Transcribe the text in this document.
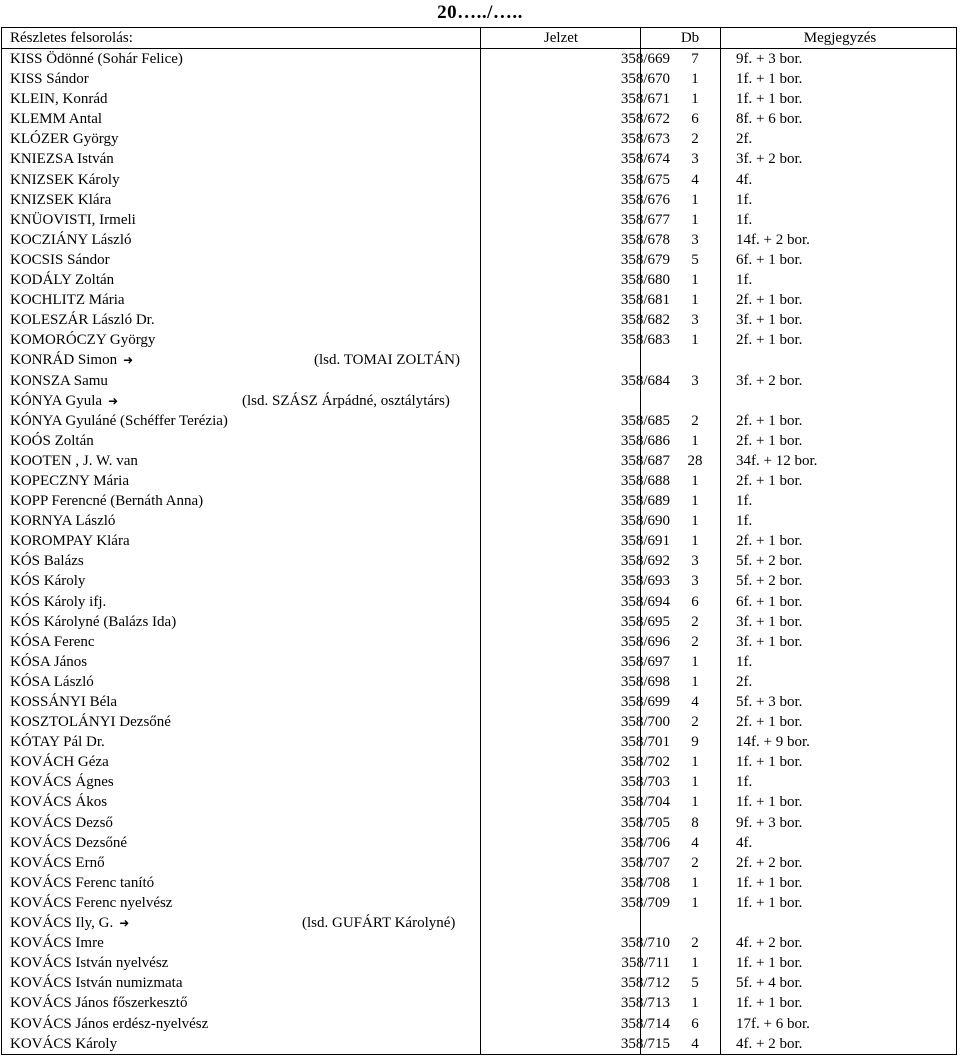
20…../…..
Részletes felsorolás:	Jelzet	Db	Megjegyzés
KISS Ödönné (Sohár Felice)	358/669	7	9f. + 3 bor.
KISS Sándor	358/670	1	1f. + 1 bor.
KLEIN, Konrád	358/671	1	1f. + 1 bor.
KLEMM Antal	358/672	6	8f. + 6 bor.
KLÓZER György	358/673	2	2f.
KNIEZSA István	358/674	3	3f. + 2 bor.
KNIZSEK Károly	358/675	4	4f.
KNIZSEK Klára	358/676	1	1f.
KNÜOVISTI, Irmeli	358/677	1	1f.
KOCZIÁNY László	358/678	3	14f. + 2 bor.
KOCSIS Sándor	358/679	5	6f. + 1 bor.
KODÁLY Zoltán	358/680	1	1f.
KOCHLITZ Mária	358/681	1	2f. + 1 bor.
KOLESZÁR László Dr.	358/682	3	3f. + 1 bor.
KOMORÓCZY György	358/683	1	2f. + 1 bor.
KONRÁD Simon ➜	(lsd. TOMAI ZOLTÁN)
KONSZA Samu	358/684	3	3f. + 2 bor.
KÓNYA Gyula ➜	(lsd. SZÁSZ Árpádné, osztálytárs)
KÓNYA Gyuláné (Schéffer Terézia)	358/685	2	2f. + 1 bor.
KOÓS Zoltán	358/686	1	2f. + 1 bor.
KOOTEN , J. W. van	358/687	28	34f. + 12 bor.
KOPECZNY Mária	358/688	1	2f. + 1 bor.
KOPP Ferencné (Bernáth Anna)	358/689	1	1f.
KORNYA László	358/690	1	1f.
KOROMPAY Klára	358/691	1	2f. + 1 bor.
KÓS Balázs	358/692	3	5f. + 2 bor.
KÓS Károly	358/693	3	5f. + 2 bor.
KÓS Károly ifj.	358/694	6	6f. + 1 bor.
KÓS Károlyné (Balázs Ida)	358/695	2	3f. + 1 bor.
KÓSA Ferenc	358/696	2	3f. + 1 bor.
KÓSA János	358/697	1	1f.
KÓSA László	358/698	1	2f.
KOSSÁNYI Béla	358/699	4	5f. + 3 bor.
KOSZTOLÁNYI Dezsőné	358/700	2	2f. + 1 bor.
KÓTAY Pál Dr.	358/701	9	14f. + 9 bor.
KOVÁCH Géza	358/702	1	1f. + 1 bor.
KOVÁCS Ágnes	358/703	1	1f.
KOVÁCS Ákos	358/704	1	1f. + 1 bor.
KOVÁCS Dezső	358/705	8	9f. + 3 bor.
KOVÁCS Dezsőné	358/706	4	4f.
KOVÁCS Ernő	358/707	2	2f. + 2 bor.
KOVÁCS Ferenc tanító	358/708	1	1f. + 1 bor.
KOVÁCS Ferenc nyelvész	358/709	1	1f. + 1 bor.
KOVÁCS Ily, G. ➜	(lsd. GUFÁRT Károlyné)
KOVÁCS Imre	358/710	2	4f. + 2 bor.
KOVÁCS István nyelvész	358/711	1	1f. + 1 bor.
KOVÁCS István numizmata	358/712	5	5f. + 4 bor.
KOVÁCS János főszerkesztő	358/713	1	1f. + 1 bor.
KOVÁCS János erdész-nyelvész	358/714	6	17f. + 6 bor.
KOVÁCS Károly	358/715	4	4f. + 2 bor.
